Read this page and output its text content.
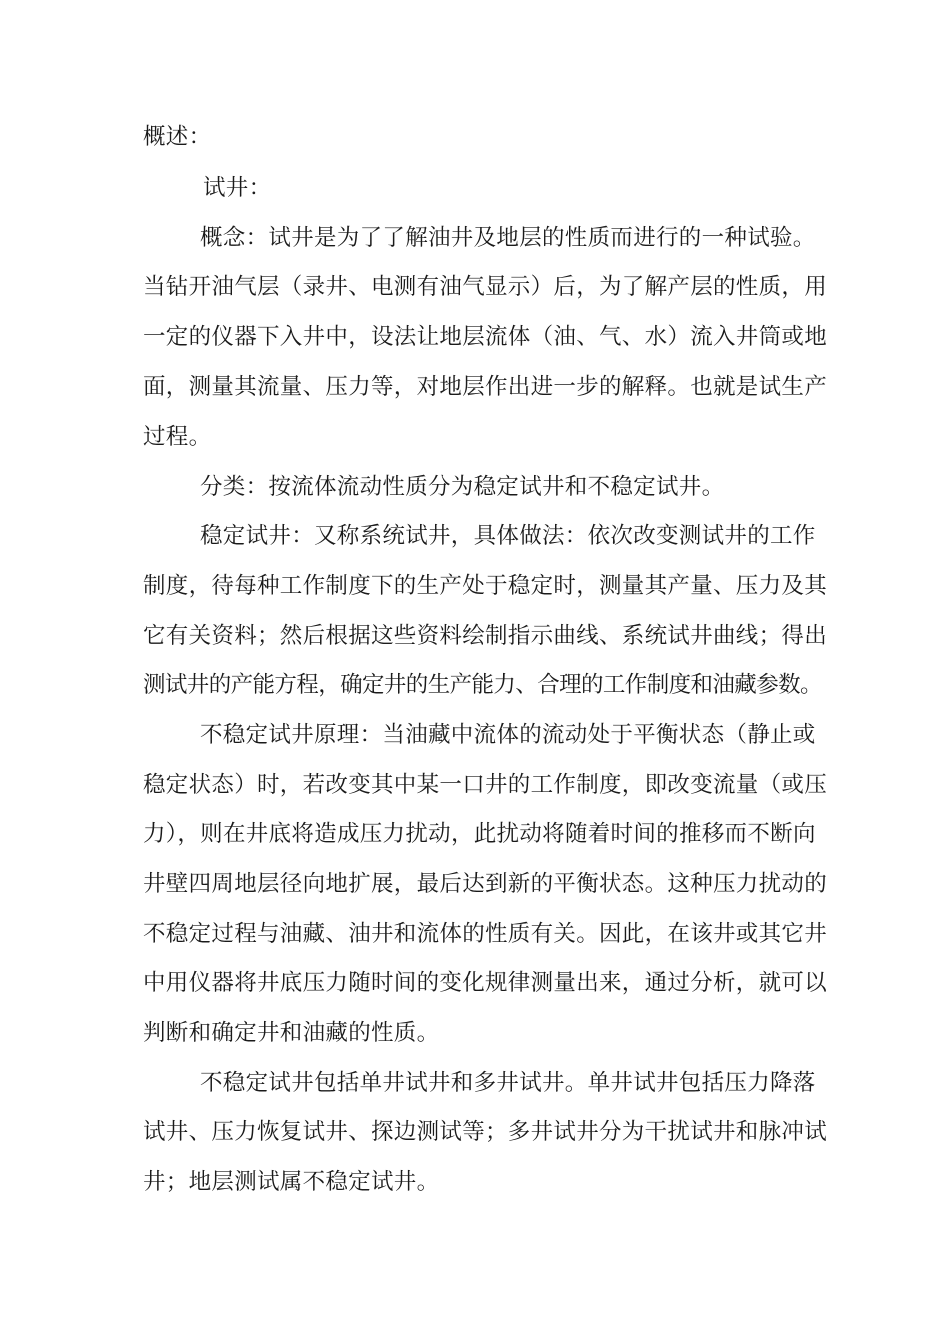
概述：
试井：
概念：试井是为了了解油井及地层的性质而进行的一种试验。
当钻开油气层（录井、电测有油气显示）后，为了解产层的性质，用
一定的仪器下入井中，设法让地层流体（油、气、水）流入井筒或地
面，测量其流量、压力等，对地层作出进一步的解释。也就是试生产
过程。
分类：按流体流动性质分为稳定试井和不稳定试井。
稳定试井：又称系统试井，具体做法：依次改变测试井的工作
制度，待每种工作制度下的生产处于稳定时，测量其产量、压力及其
它有关资料；然后根据这些资料绘制指示曲线、系统试井曲线；得出
测试井的产能方程，确定井的生产能力、合理的工作制度和油藏参数。
不稳定试井原理：当油藏中流体的流动处于平衡状态（静止或
稳定状态）时，若改变其中某一口井的工作制度，即改变流量（或压
力），则在井底将造成压力扰动，此扰动将随着时间的推移而不断向
井壁四周地层径向地扩展，最后达到新的平衡状态。这种压力扰动的
不稳定过程与油藏、油井和流体的性质有关。因此，在该井或其它井
中用仪器将井底压力随时间的变化规律测量出来，通过分析，就可以
判断和确定井和油藏的性质。
不稳定试井包括单井试井和多井试井。单井试井包括压力降落
试井、压力恢复试井、探边测试等；多井试井分为干扰试井和脉冲试
井；地层测试属不稳定试井。
